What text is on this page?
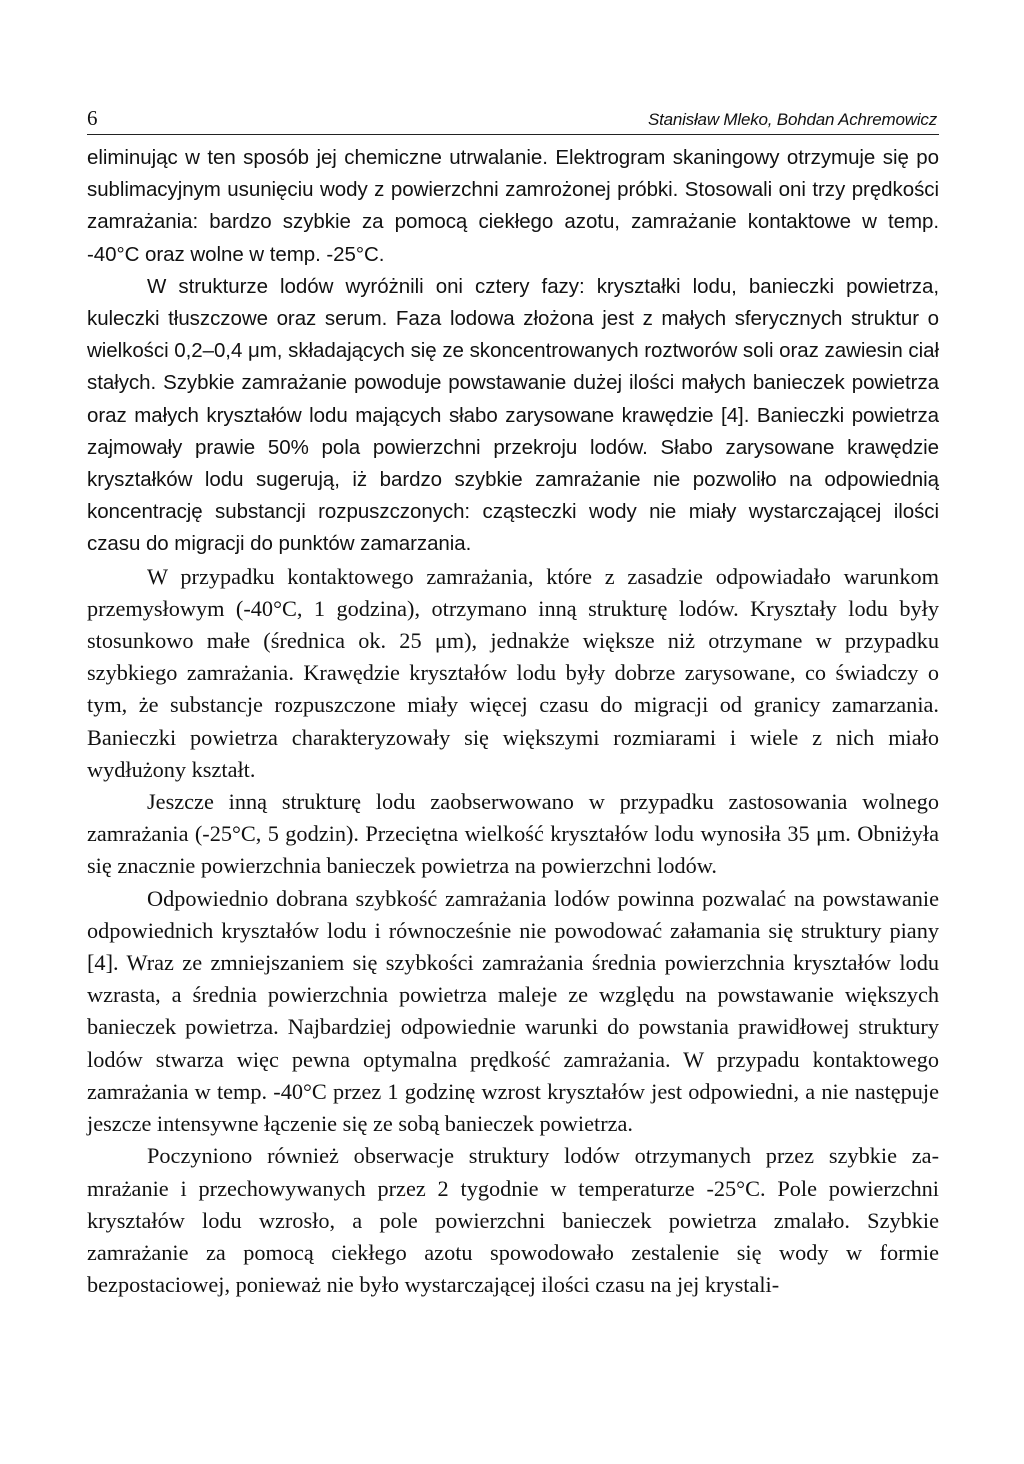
6	Stanisław Mleko, Bohdan Achremowicz

eliminując w ten sposób jej chemiczne utrwalanie. Elektrogram skaningowy otrzymuje się po sublimacyjnym usunięciu wody z powierzchni zamrożonej próbki. Stosowali oni trzy prędkości zamrażania: bardzo szybkie za pomocą ciekłego azotu, zamrażanie kontaktowe w temp. -40°C oraz wolne w temp. -25°C.

W strukturze lodów wyróżnili oni cztery fazy: kryształki lodu, banieczki powietrza, kuleczki tłuszczowe oraz serum. Faza lodowa złożona jest z małych sferycznych struktur o wielkości 0,2–0,4 μm, składających się ze skoncentrowanych roztworów soli oraz zawiesin ciał stałych. Szybkie zamrażanie powoduje powstawanie dużej ilości małych banieczek powietrza oraz małych kryształów lodu mających słabo zarysowane krawędzie [4]. Banieczki powietrza zajmowały prawie 50% pola powierzchni przekroju lodów. Słabo zarysowane krawędzie kryształków lodu sugerują, iż bardzo szybkie zamrażanie nie pozwoliło na odpowiednią koncentrację substancji rozpuszczonych: cząsteczki wody nie miały wystarczającej ilości czasu do migracji do punktów zamarzania.

W przypadku kontaktowego zamrażania, które z zasadzie odpowiadało warunkom przemysłowym (-40°C, 1 godzina), otrzymano inną strukturę lodów. Kryształy lodu były stosunkowo małe (średnica ok. 25 μm), jednakże większe niż otrzymane w przypadku szybkiego zamrażania. Krawędzie kryształów lodu były dobrze zarysowane, co świadczy o tym, że substancje rozpuszczone miały więcej czasu do migracji od granicy zamarzania. Banieczki powietrza charakteryzowały się większymi rozmiarami i wiele z nich miało wydłużony kształt.

Jeszcze inną strukturę lodu zaobserwowano w przypadku zastosowania wolnego zamrażania (-25°C, 5 godzin). Przeciętna wielkość kryształów lodu wynosiła 35 μm. Obniżyła się znacznie powierzchnia banieczek powietrza na powierzchni lodów.

Odpowiednio dobrana szybkość zamrażania lodów powinna pozwalać na powstawanie odpowiednich kryształów lodu i równocześnie nie powodować załamania się struktury piany [4]. Wraz ze zmniejszaniem się szybkości zamrażania średnia powierzchnia kryształów lodu wzrasta, a średnia powierzchnia powietrza maleje ze względu na powstawanie większych banieczek powietrza. Najbardziej odpowiednie warunki do powstania prawidłowej struktury lodów stwarza więc pewna optymalna prędkość zamrażania. W przypadu kontaktowego zamrażania w temp. -40°C przez 1 godzinę wzrost kryształów jest odpowiedni, a nie następuje jeszcze intensywne łączenie się ze sobą banieczek powietrza.

Poczyniono również obserwacje struktury lodów otrzymanych przez szybkie zamrażanie i przechowywanych przez 2 tygodnie w temperaturze -25°C. Pole powierzchni kryształów lodu wzrosło, a pole powierzchni banieczek powietrza zmalało. Szybkie zamrażanie za pomocą ciekłego azotu spowodowało zestalenie się wody w formie bezpostaciowej, ponieważ nie było wystarczającej ilości czasu na jej krystali-
